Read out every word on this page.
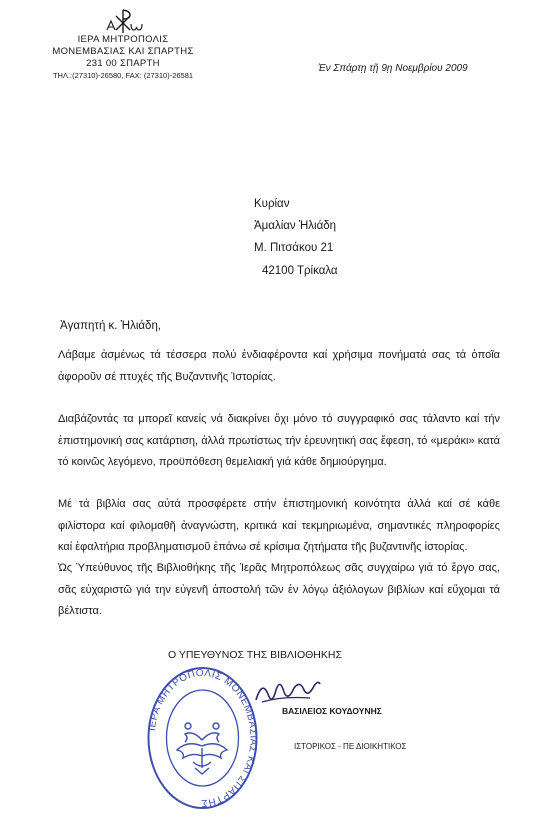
ΙΕΡΑ ΜΗΤΡΟΠΟΛΙΣ
ΜΟΝΕΜΒΑΣΙΑΣ ΚΑΙ ΣΠΑΡΤΗΣ
231 00 ΣΠΑΡΤΗ
ΤΗΛ.:(27310)-26580, FAX: (27310)-26581
Ἐν Σπάρτῃ τῇ 9ῃ Νοεμβρίου 2009
Κυρίαν
Ἀμαλίαν Ἠλιάδη
Μ. Πιτσάκου 21
42100 Τρίκαλα
Ἀγαπητή κ. Ἠλιάδη,
Λάβαμε ἀσμένως τά τέσσερα πολύ ἐνδιαφέροντα καί χρήσιμα πονήματά σας τά ὁποῖα ἀφοροῦν σέ πτυχές τῆς Βυζαντινῆς Ἱστορίας.
Διαβάζοντάς τα μπορεῖ κανείς νά διακρίνει ὄχι μόνο τό συγγραφικό σας τάλαντο καί τήν ἐπιστημονική σας κατάρτιση, ἀλλά πρωτίστως τήν ἐρευνητική σας ἔφεση, τό «μεράκι» κατά τό κοινῶς λεγόμενο, προϋπόθεση θεμελιακή γιά κάθε δημιούργημα.
Μέ τά βιβλία σας αὐτά προσφέρετε στήν ἐπιστημονική κοινότητα ἀλλά καί σέ κάθε φιλίστορα καί φιλομαθῆ ἀναγνώστη, κριτικά καί τεκμηριωμένα, σημαντικές πληροφορίες καί ἐφαλτήρια προβληματισμοῦ ἐπάνω σέ κρίσιμα ζητήματα τῆς βυζαντινῆς ἱστορίας.
Ὡς Ὑπεύθυνος τῆς Βιβλιοθήκης τῆς Ἱερᾶς Μητροπόλεως σᾶς συγχαίρω γιά τό ἔργο σας, σᾶς εὐχαριστῶ γιά την εὐγενῆ ἀποστολή τῶν ἐν λόγῳ ἀξιόλογων βιβλίων καί εὔχομαι τά βέλτιστα.
Ο ΥΠΕΥΘΥΝΟΣ ΤΗΣ ΒΙΒΛΙΟΘΗΚΗΣ
ΙΕΡΑ ΜΗΤΡΟΠΟΛΙΣ ΜΟΝΕΜΒΑΣΙΑΣ ΚΑΙ ΣΠΑΡΤΗΣ
ΒΑΣΙΛΕΙΟΣ ΚΟΥΔΟΥΝΗΣ
ΙΣΤΟΡΙΚΟΣ - ΠΕ ΔΙΟΙΚΗΤΙΚΟΣ
